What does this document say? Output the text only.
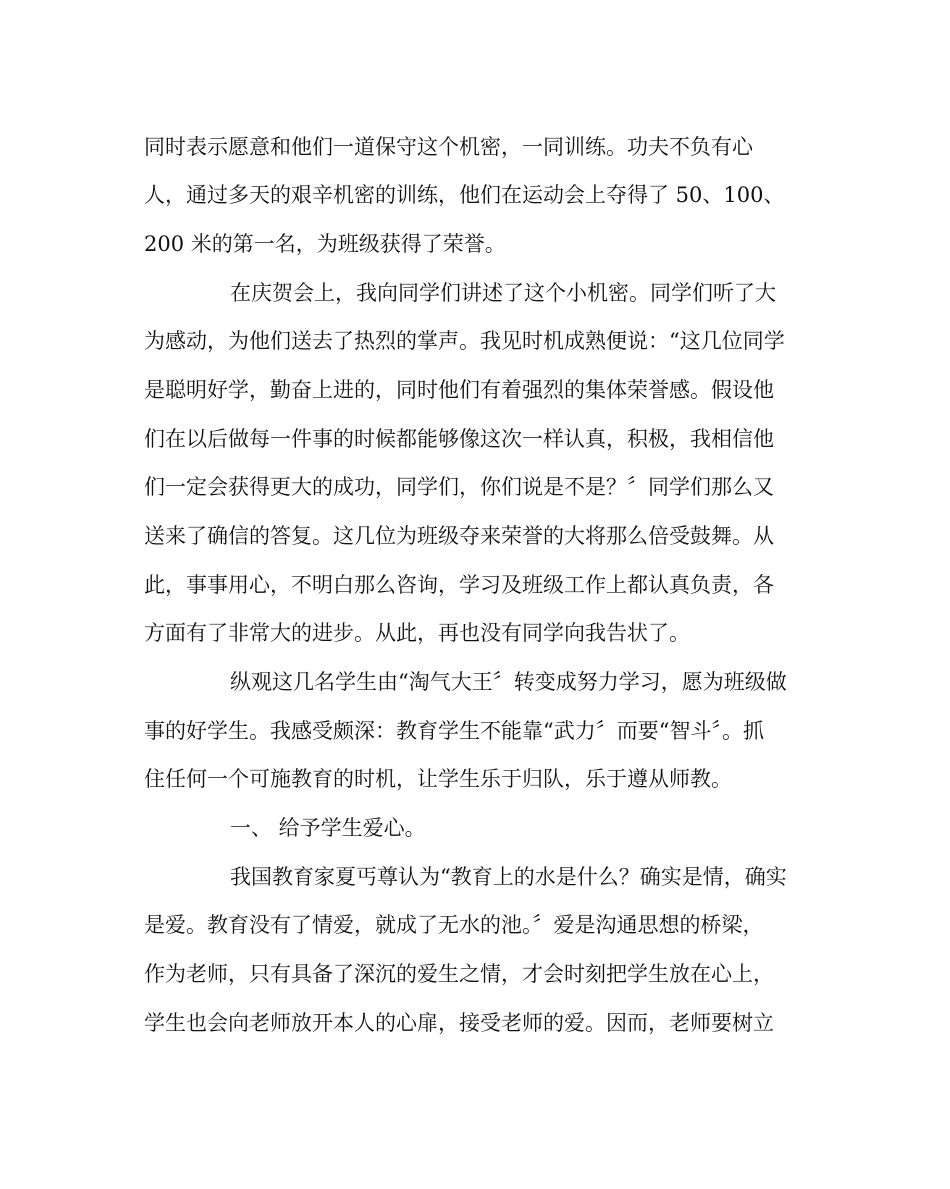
同时表示愿意和他们一道保守这个机密，一同训练。功夫不负有心
人，通过多天的艰辛机密的训练，他们在运动会上夺得了 50、100、
200 米的第一名，为班级获得了荣誉。
在庆贺会上，我向同学们讲述了这个小机密。同学们听了大
为感动，为他们送去了热烈的掌声。我见时机成熟便说：“这几位同学
是聪明好学，勤奋上进的，同时他们有着强烈的集体荣誉感。假设他
们在以后做每一件事的时候都能够像这次一样认真，积极，我相信他
们一定会获得更大的成功，同学们，你们说是不是？〞同学们那么又
送来了确信的答复。这几位为班级夺来荣誉的大将那么倍受鼓舞。从
此，事事用心，不明白那么咨询，学习及班级工作上都认真负责，各
方面有了非常大的进步。从此，再也没有同学向我告状了。
纵观这几名学生由“淘气大王〞转变成努力学习，愿为班级做
事的好学生。我感受颇深：教育学生不能靠“武力〞而要“智斗〞。抓
住任何一个可施教育的时机，让学生乐于归队，乐于遵从师教。
一、 给予学生爱心。
我国教育家夏丐尊认为“教育上的水是什么？确实是情，确实
是爱。教育没有了情爱，就成了无水的池。〞爱是沟通思想的桥梁，
作为老师，只有具备了深沉的爱生之情，才会时刻把学生放在心上，
学生也会向老师放开本人的心扉，接受老师的爱。因而，老师要树立
